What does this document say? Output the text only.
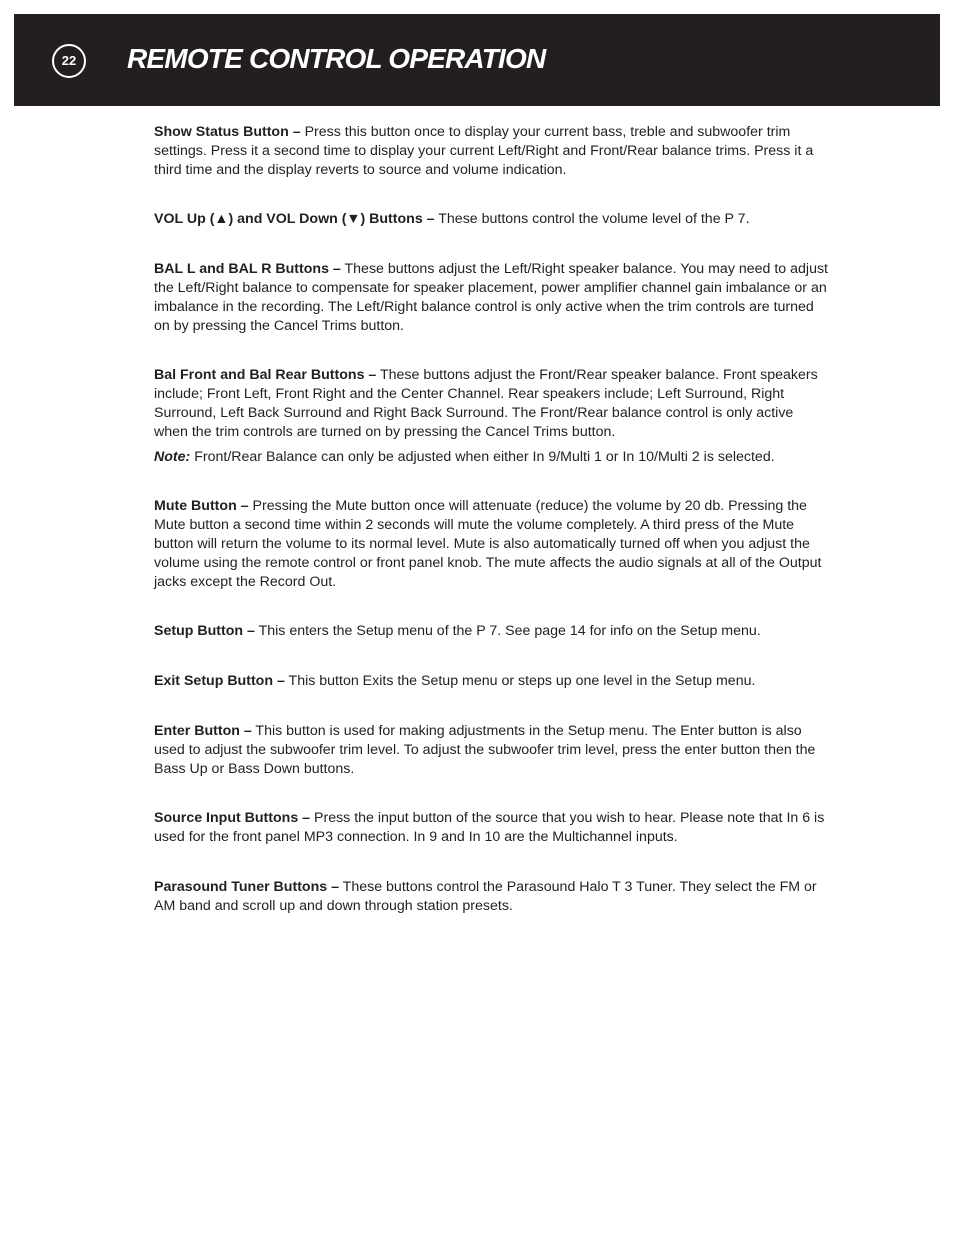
22	REMOTE CONTROL OPERATION

Show Status Button – Press this button once to display your current bass, treble and subwoofer trim settings. Press it a second time to display your current Left/Right and Front/Rear balance trims. Press it a third time and the display reverts to source and volume indication.

VOL Up (▲) and VOL Down (▼) Buttons – These buttons control the volume level of the P 7.

BAL L and BAL R Buttons – These buttons adjust the Left/Right speaker balance. You may need to adjust the Left/Right balance to compensate for speaker placement, power amplifier channel gain imbalance or an imbalance in the recording. The Left/Right balance control is only active when the trim controls are turned on by pressing the Cancel Trims button.

Bal Front and Bal Rear Buttons – These buttons adjust the Front/Rear speaker balance. Front speakers include; Front Left, Front Right and the Center Channel. Rear speakers include; Left Surround, Right Surround, Left Back Surround and Right Back Surround. The Front/Rear balance control is only active when the trim controls are turned on by pressing the Cancel Trims button.

Note: Front/Rear Balance can only be adjusted when either In 9/Multi 1 or In 10/Multi 2 is selected.

Mute Button – Pressing the Mute button once will attenuate (reduce) the volume by 20 db. Pressing the Mute button a second time within 2 seconds will mute the volume completely. A third press of the Mute button will return the volume to its normal level. Mute is also automatically turned off when you adjust the volume using the remote control or front panel knob. The mute affects the audio signals at all of the Output jacks except the Record Out.

Setup Button – This enters the Setup menu of the P 7. See page 14 for info on the Setup menu.

Exit Setup Button – This button Exits the Setup menu or steps up one level in the Setup menu.

Enter Button – This button is used for making adjustments in the Setup menu. The Enter button is also used to adjust the subwoofer trim level. To adjust the subwoofer trim level, press the enter button then the Bass Up or Bass Down buttons.

Source Input Buttons – Press the input button of the source that you wish to hear. Please note that In 6 is used for the front panel MP3 connection. In 9 and In 10 are the Multichannel inputs.

Parasound Tuner Buttons – These buttons control the Parasound Halo T 3 Tuner. They select the FM or AM band and scroll up and down through station presets.
